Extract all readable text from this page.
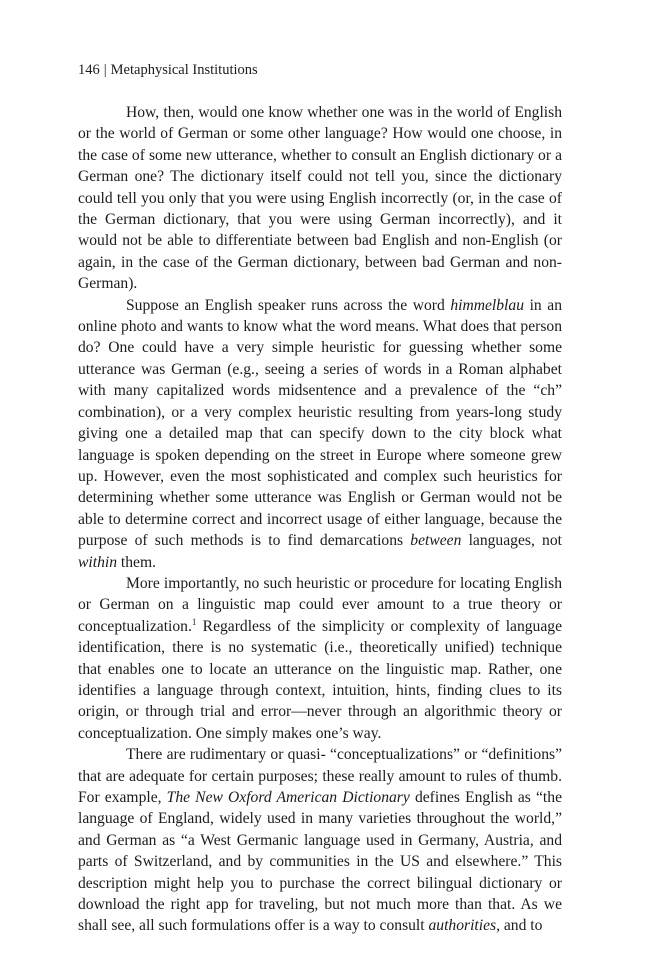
146 | Metaphysical Institutions

How, then, would one know whether one was in the world of English or the world of German or some other language? How would one choose, in the case of some new utterance, whether to consult an English dictionary or a German one? The dictionary itself could not tell you, since the dictionary could tell you only that you were using English incorrectly (or, in the case of the German dictionary, that you were using German incorrectly), and it would not be able to differentiate between bad English and non-English (or again, in the case of the German dictionary, between bad German and non-German).

Suppose an English speaker runs across the word himmelblau in an online photo and wants to know what the word means. What does that person do? One could have a very simple heuristic for guessing whether some utterance was German (e.g., seeing a series of words in a Roman alphabet with many capitalized words midsentence and a prevalence of the “ch” combination), or a very complex heuristic resulting from years-long study giving one a detailed map that can specify down to the city block what language is spoken depending on the street in Europe where someone grew up. However, even the most sophisticated and complex such heuristics for determining whether some utterance was English or German would not be able to determine correct and incorrect usage of either language, because the purpose of such methods is to find demarcations between languages, not within them.

More importantly, no such heuristic or procedure for locating English or German on a linguistic map could ever amount to a true theory or conceptualization.$^1$ Regardless of the simplicity or complexity of language identification, there is no systematic (i.e., theoretically unified) technique that enables one to locate an utterance on the linguistic map. Rather, one identifies a language through context, intuition, hints, finding clues to its origin, or through trial and error—never through an algorithmic theory or conceptualization. One simply makes one’s way.

There are rudimentary or quasi- “conceptualizations” or “definitions” that are adequate for certain purposes; these really amount to rules of thumb. For example, The New Oxford American Dictionary defines English as “the language of England, widely used in many varieties throughout the world,” and German as “a West Germanic language used in Germany, Austria, and parts of Switzerland, and by communities in the US and elsewhere.” This description might help you to purchase the correct bilingual dictionary or download the right app for traveling, but not much more than that. As we shall see, all such formulations offer is a way to consult authorities, and to
